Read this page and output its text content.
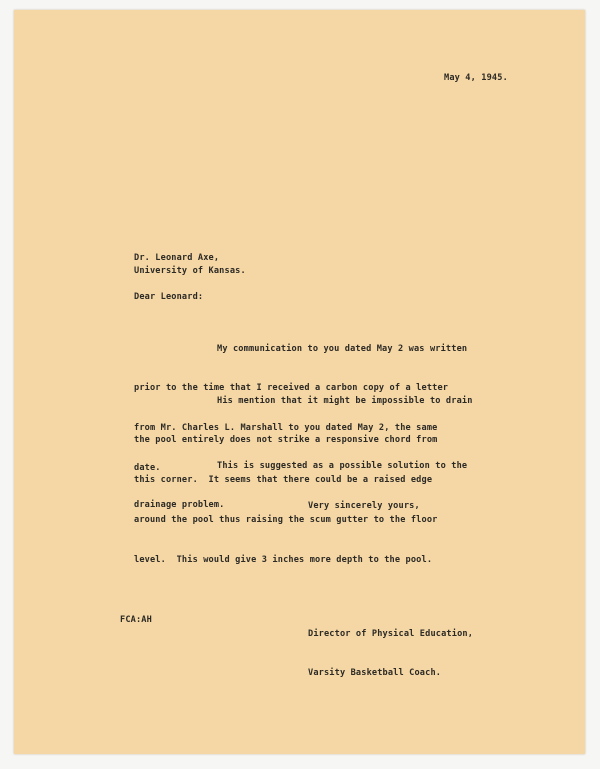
May 4, 1945.
Dr. Leonard Axe,
University of Kansas.
Dear Leonard:

My communication to you dated May 2 was written

prior to the time that I received a carbon copy of a letter

from Mr. Charles L. Marshall to you dated May 2, the same

date.

His mention that it might be impossible to drain

the pool entirely does not strike a responsive chord from

this corner.  It seems that there could be a raised edge

around the pool thus raising the scum gutter to the floor

level.  This would give 3 inches more depth to the pool.

This is suggested as a possible solution to the

drainage problem.

	Very sincerely yours,
FCA:AH

Director of Physical Education,

Varsity Basketball Coach.
